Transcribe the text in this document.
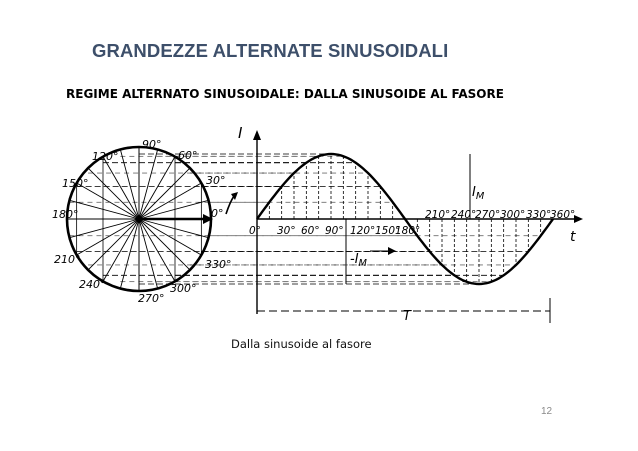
GRANDEZZE ALTERNATE SINUSOIDALI
REGIME ALTERNATO SINUSOIDALE: DALLA SINUSOIDE AL FASORE
0°
30°
60°
90°
120°
150°
180°
210°
240°
270°
300°
330°
I
t
T
$I_M$
$-I_M$
0° 30° 60° 90° 120° 150°
180°
210° 240°
270° 300° 330°
360°
Dalla sinusoide al fasore
12
